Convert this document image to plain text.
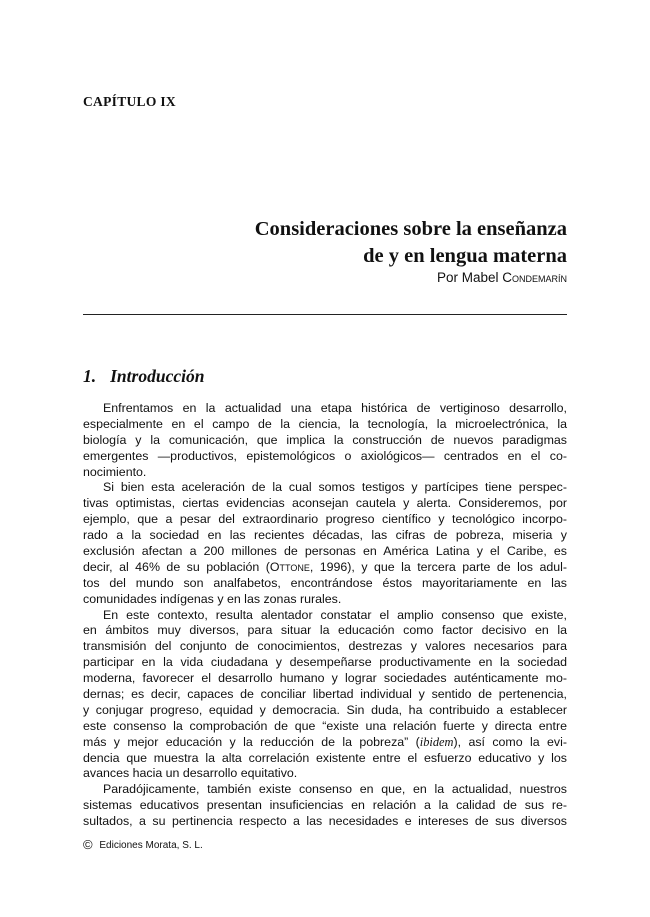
CAPÍTULO IX
Consideraciones sobre la enseñanza
de y en lengua materna
Por Mabel Condemarín
1. Introducción
Enfrentamos en la actualidad una etapa histórica de vertiginoso desarrollo,
especialmente en el campo de la ciencia, la tecnología, la microelectrónica, la
biología y la comunicación, que implica la construcción de nuevos paradigmas
emergentes —productivos, epistemológicos o axiológicos— centrados en el co-
nocimiento.
Si bien esta aceleración de la cual somos testigos y partícipes tiene perspec-
tivas optimistas, ciertas evidencias aconsejan cautela y alerta. Consideremos, por
ejemplo, que a pesar del extraordinario progreso científico y tecnológico incorpo-
rado a la sociedad en las recientes décadas, las cifras de pobreza, miseria y
exclusión afectan a 200 millones de personas en América Latina y el Caribe, es
decir, al 46% de su población (Ottone, 1996), y que la tercera parte de los adul-
tos del mundo son analfabetos, encontrándose éstos mayoritariamente en las
comunidades indígenas y en las zonas rurales.
En este contexto, resulta alentador constatar el amplio consenso que existe,
en ámbitos muy diversos, para situar la educación como factor decisivo en la
transmisión del conjunto de conocimientos, destrezas y valores necesarios para
participar en la vida ciudadana y desempeñarse productivamente en la sociedad
moderna, favorecer el desarrollo humano y lograr sociedades auténticamente mo-
dernas; es decir, capaces de conciliar libertad individual y sentido de pertenencia,
y conjugar progreso, equidad y democracia. Sin duda, ha contribuido a establecer
este consenso la comprobación de que “existe una relación fuerte y directa entre
más y mejor educación y la reducción de la pobreza” (ibidem), así como la evi-
dencia que muestra la alta correlación existente entre el esfuerzo educativo y los
avances hacia un desarrollo equitativo.
Paradójicamente, también existe consenso en que, en la actualidad, nuestros
sistemas educativos presentan insuficiencias en relación a la calidad de sus re-
sultados, a su pertinencia respecto a las necesidades e intereses de sus diversos
© Ediciones Morata, S. L.
